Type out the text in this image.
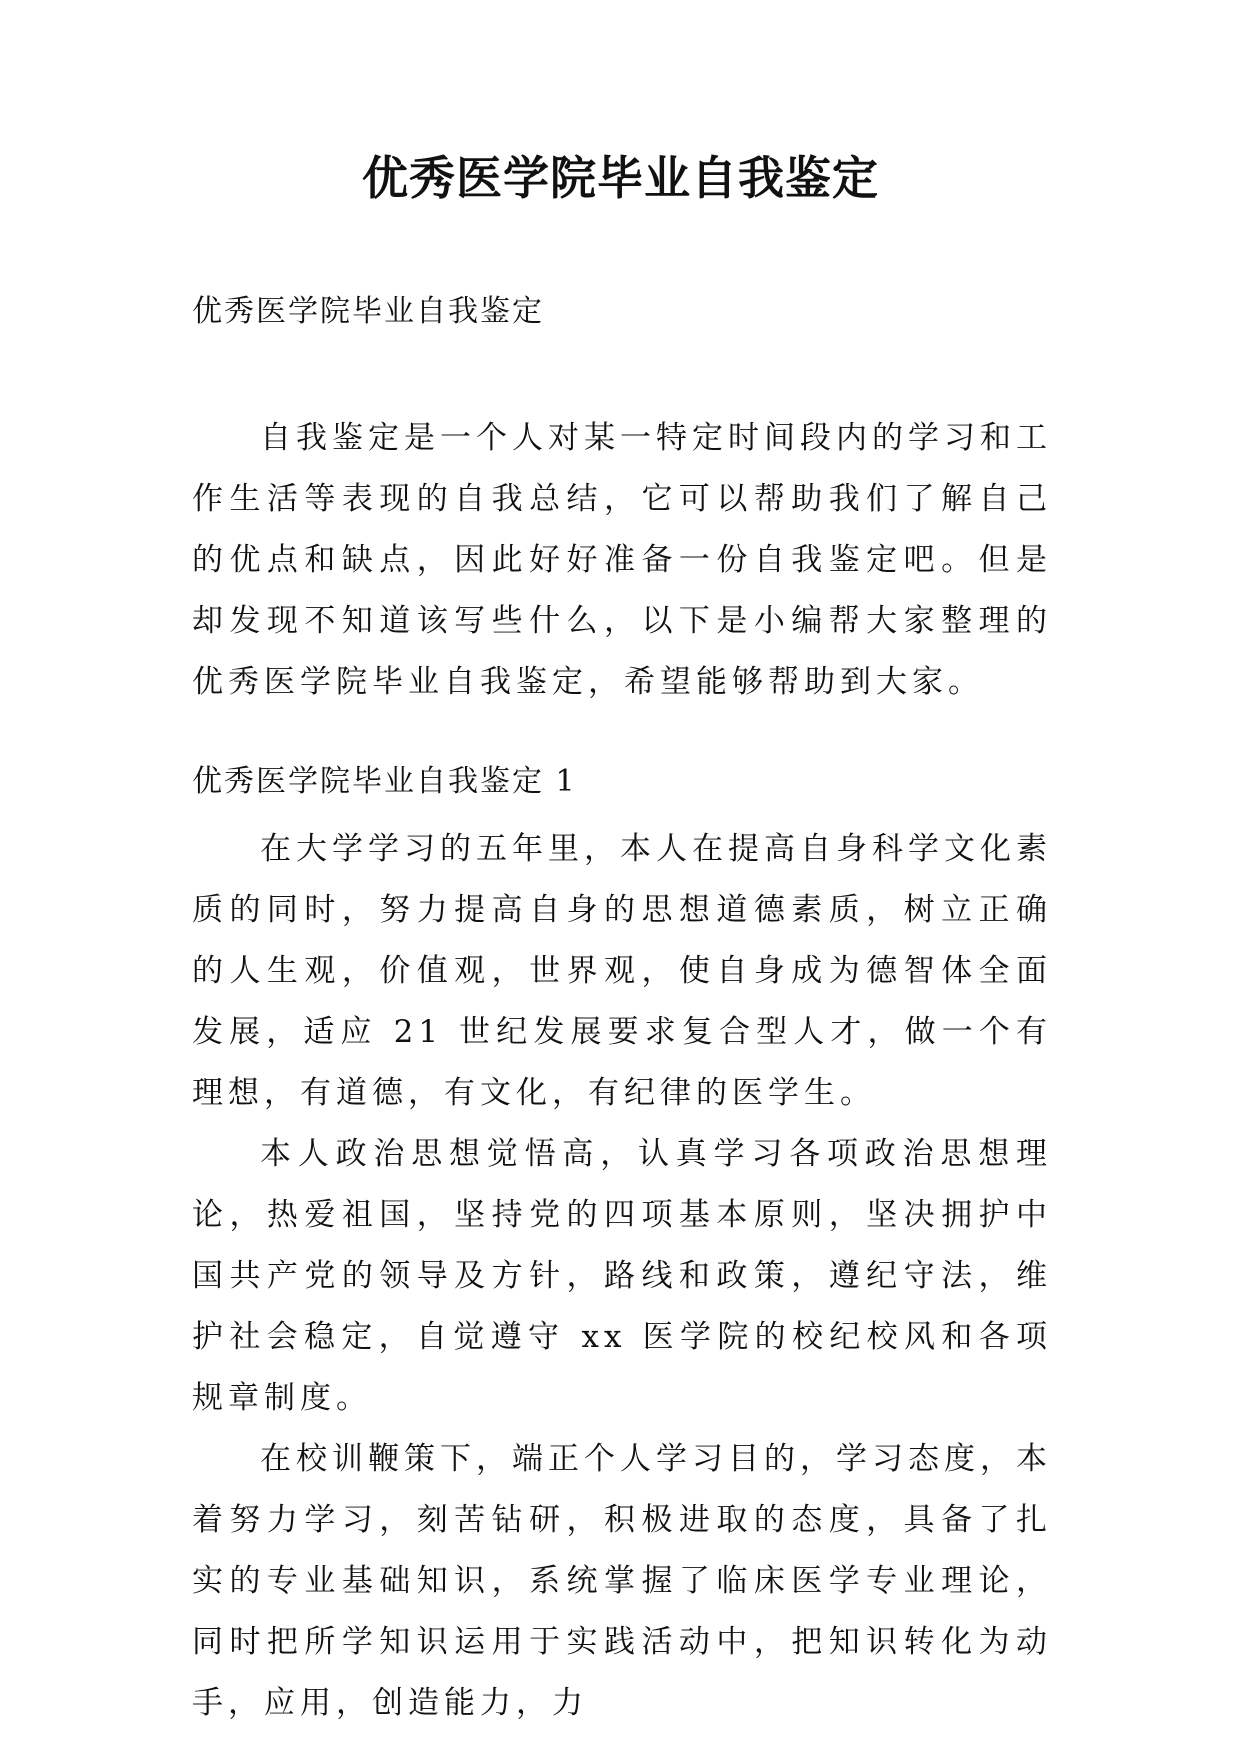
优秀医学院毕业自我鉴定
优秀医学院毕业自我鉴定

自我鉴定是一个人对某一特定时间段内的学习和工作生活等表现的自我总结，它可以帮助我们了解自己的优点和缺点，因此好好准备一份自我鉴定吧。但是却发现不知道该写些什么，以下是小编帮大家整理的优秀医学院毕业自我鉴定，希望能够帮助到大家。

优秀医学院毕业自我鉴定 1

在大学学习的五年里，本人在提高自身科学文化素质的同时，努力提高自身的思想道德素质，树立正确的人生观，价值观，世界观，使自身成为德智体全面发展，适应 21 世纪发展要求复合型人才，做一个有理想，有道德，有文化，有纪律的医学生。

本人政治思想觉悟高，认真学习各项政治思想理论，热爱祖国，坚持党的四项基本原则，坚决拥护中国共产党的领导及方针，路线和政策，遵纪守法，维护社会稳定，自觉遵守 xx 医学院的校纪校风和各项规章制度。

在校训鞭策下，端正个人学习目的，学习态度，本着努力学习，刻苦钻研，积极进取的态度，具备了扎实的专业基础知识，系统掌握了临床医学专业理论，同时把所学知识运用于实践活动中，把知识转化为动手，应用，创造能力，力
